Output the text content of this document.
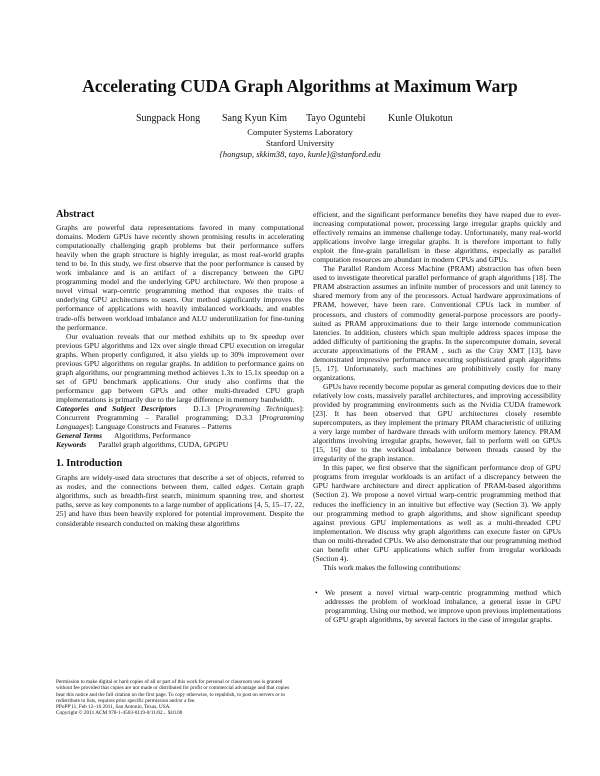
Accelerating CUDA Graph Algorithms at Maximum Warp
Sungpack Hong Sang Kyun Kim Tayo Oguntebi Kunle Olukotun
Computer Systems Laboratory
Stanford University
{hongsup, skkim38, tayo, kunle}@stanford.edu
Abstract

Graphs are powerful data representations favored in many computational domains. Modern GPUs have recently shown promising results in accelerating computationally challenging graph problems but their performance suffers heavily when the graph structure is highly irregular, as most real-world graphs tend to be. In this study, we first observe that the poor performance is caused by work imbalance and is an artifact of a discrepancy between the GPU programming model and the underlying GPU architecture. We then propose a novel virtual warp-centric programming method that exposes the traits of underlying GPU architectures to users. Our method significantly improves the performance of applications with heavily imbalanced workloads, and enables trade-offs between workload imbalance and ALU underutilization for fine-tuning the performance.

Our evaluation reveals that our method exhibits up to 9x speedup over previous GPU algorithms and 12x over single thread CPU execution on irregular graphs. When properly configured, it also yields up to 30% improvement over previous GPU algorithms on regular graphs. In addition to performance gains on graph algorithms, our programming method achieves 1.3x to 15.1x speedup on a set of GPU benchmark applications. Our study also confirms that the performance gap between GPUs and other multi-threaded CPU graph implementations is primarily due to the large difference in memory bandwidth.

Categories and Subject Descriptors D.1.3 [Programming Techniques]: Concurrent Programming – Parallel programming; D.3.3 [Programming Languages]: Language Constructs and Features – Patterns

General Terms Algorithms, Performance

Keywords Parallel graph algorithms, CUDA, GPGPU

1. Introduction

Graphs are widely-used data structures that describe a set of objects, referred to as nodes, and the connections between them, called edges. Certain graph algorithms, such as breadth-first search, minimum spanning tree, and shortest paths, serve as key components to a large number of applications [4, 5, 15–17, 22, 25] and have thus been heavily explored for potential improvement. Despite the considerable research conducted on making these algorithms

Permission to make digital or hard copies of all or part of this work for personal or classroom use is granted without fee provided that copies are not made or distributed for profit or commercial advantage and that copies bear this notice and the full citation on the first page. To copy otherwise, to republish, to post on servers or to redistribute to lists, requires prior specific permission and/or a fee.
PPoPP'11, Feb 12–16 2011, San Antonio, Texas, USA.
Copyright © 2011 ACM 978-1-4503-0119-0/11/02... $10.00

efficient, and the significant performance benefits they have reaped due to ever-increasing computational power, processing large irregular graphs quickly and effectively remains an immense challenge today. Unfortunately, many real-world applications involve large irregular graphs. It is therefore important to fully exploit the fine-grain parallelism in these algorithms, especially as parallel computation resources are abundant in modern CPUs and GPUs.

The Parallel Random Access Machine (PRAM) abstraction has often been used to investigate theoretical parallel performance of graph algorithms [18]. The PRAM abstraction assumes an infinite number of processors and unit latency to shared memory from any of the processors. Actual hardware approximations of PRAM, however, have been rare. Conventional CPUs lack in number of processors, and clusters of commodity general-purpose processors are poorly-suited as PRAM approximations due to their large internode communication latencies. In addition, clusters which span multiple address spaces impose the added difficulty of partitioning the graphs. In the supercomputer domain, several accurate approximations of the PRAM , such as the Cray XMT [13], have demonstrated impressive performance executing sophisticated graph algorithms [5, 17]. Unfortunately, such machines are prohibitively costly for many organizations.

GPUs have recently become popular as general computing devices due to their relatively low costs, massively parallel architectures, and improving accessibility provided by programming environments such as the Nvidia CUDA framework [23]. It has been observed that GPU architectures closely resemble supercomputers, as they implement the primary PRAM characteristic of utilizing a very large number of hardware threads with uniform memory latency. PRAM algorithms involving irregular graphs, however, fail to perform well on GPUs [15, 16] due to the workload imbalance between threads caused by the irregularity of the graph instance.

In this paper, we first observe that the significant performance drop of GPU programs from irregular workloads is an artifact of a discrepancy between the GPU hardware architecture and direct application of PRAM-based algorithms (Section 2). We propose a novel virtual warp-centric programming method that reduces the inefficiency in an intuitive but effective way (Section 3). We apply our programming method to graph algorithms, and show significant speedup against previous GPU implementations as well as a multi-threaded CPU implementation. We discuss why graph algorithms can execute faster on GPUs than on multi-threaded CPUs. We also demonstrate that our programming method can benefit other GPU applications which suffer from irregular workloads (Section 4).

This work makes the following contributions:

• We present a novel virtual warp-centric programming method which addresses the problem of workload imbalance, a general issue in GPU programming. Using our method, we improve upon previous implementations of GPU graph algorithms, by several factors in the case of irregular graphs.
